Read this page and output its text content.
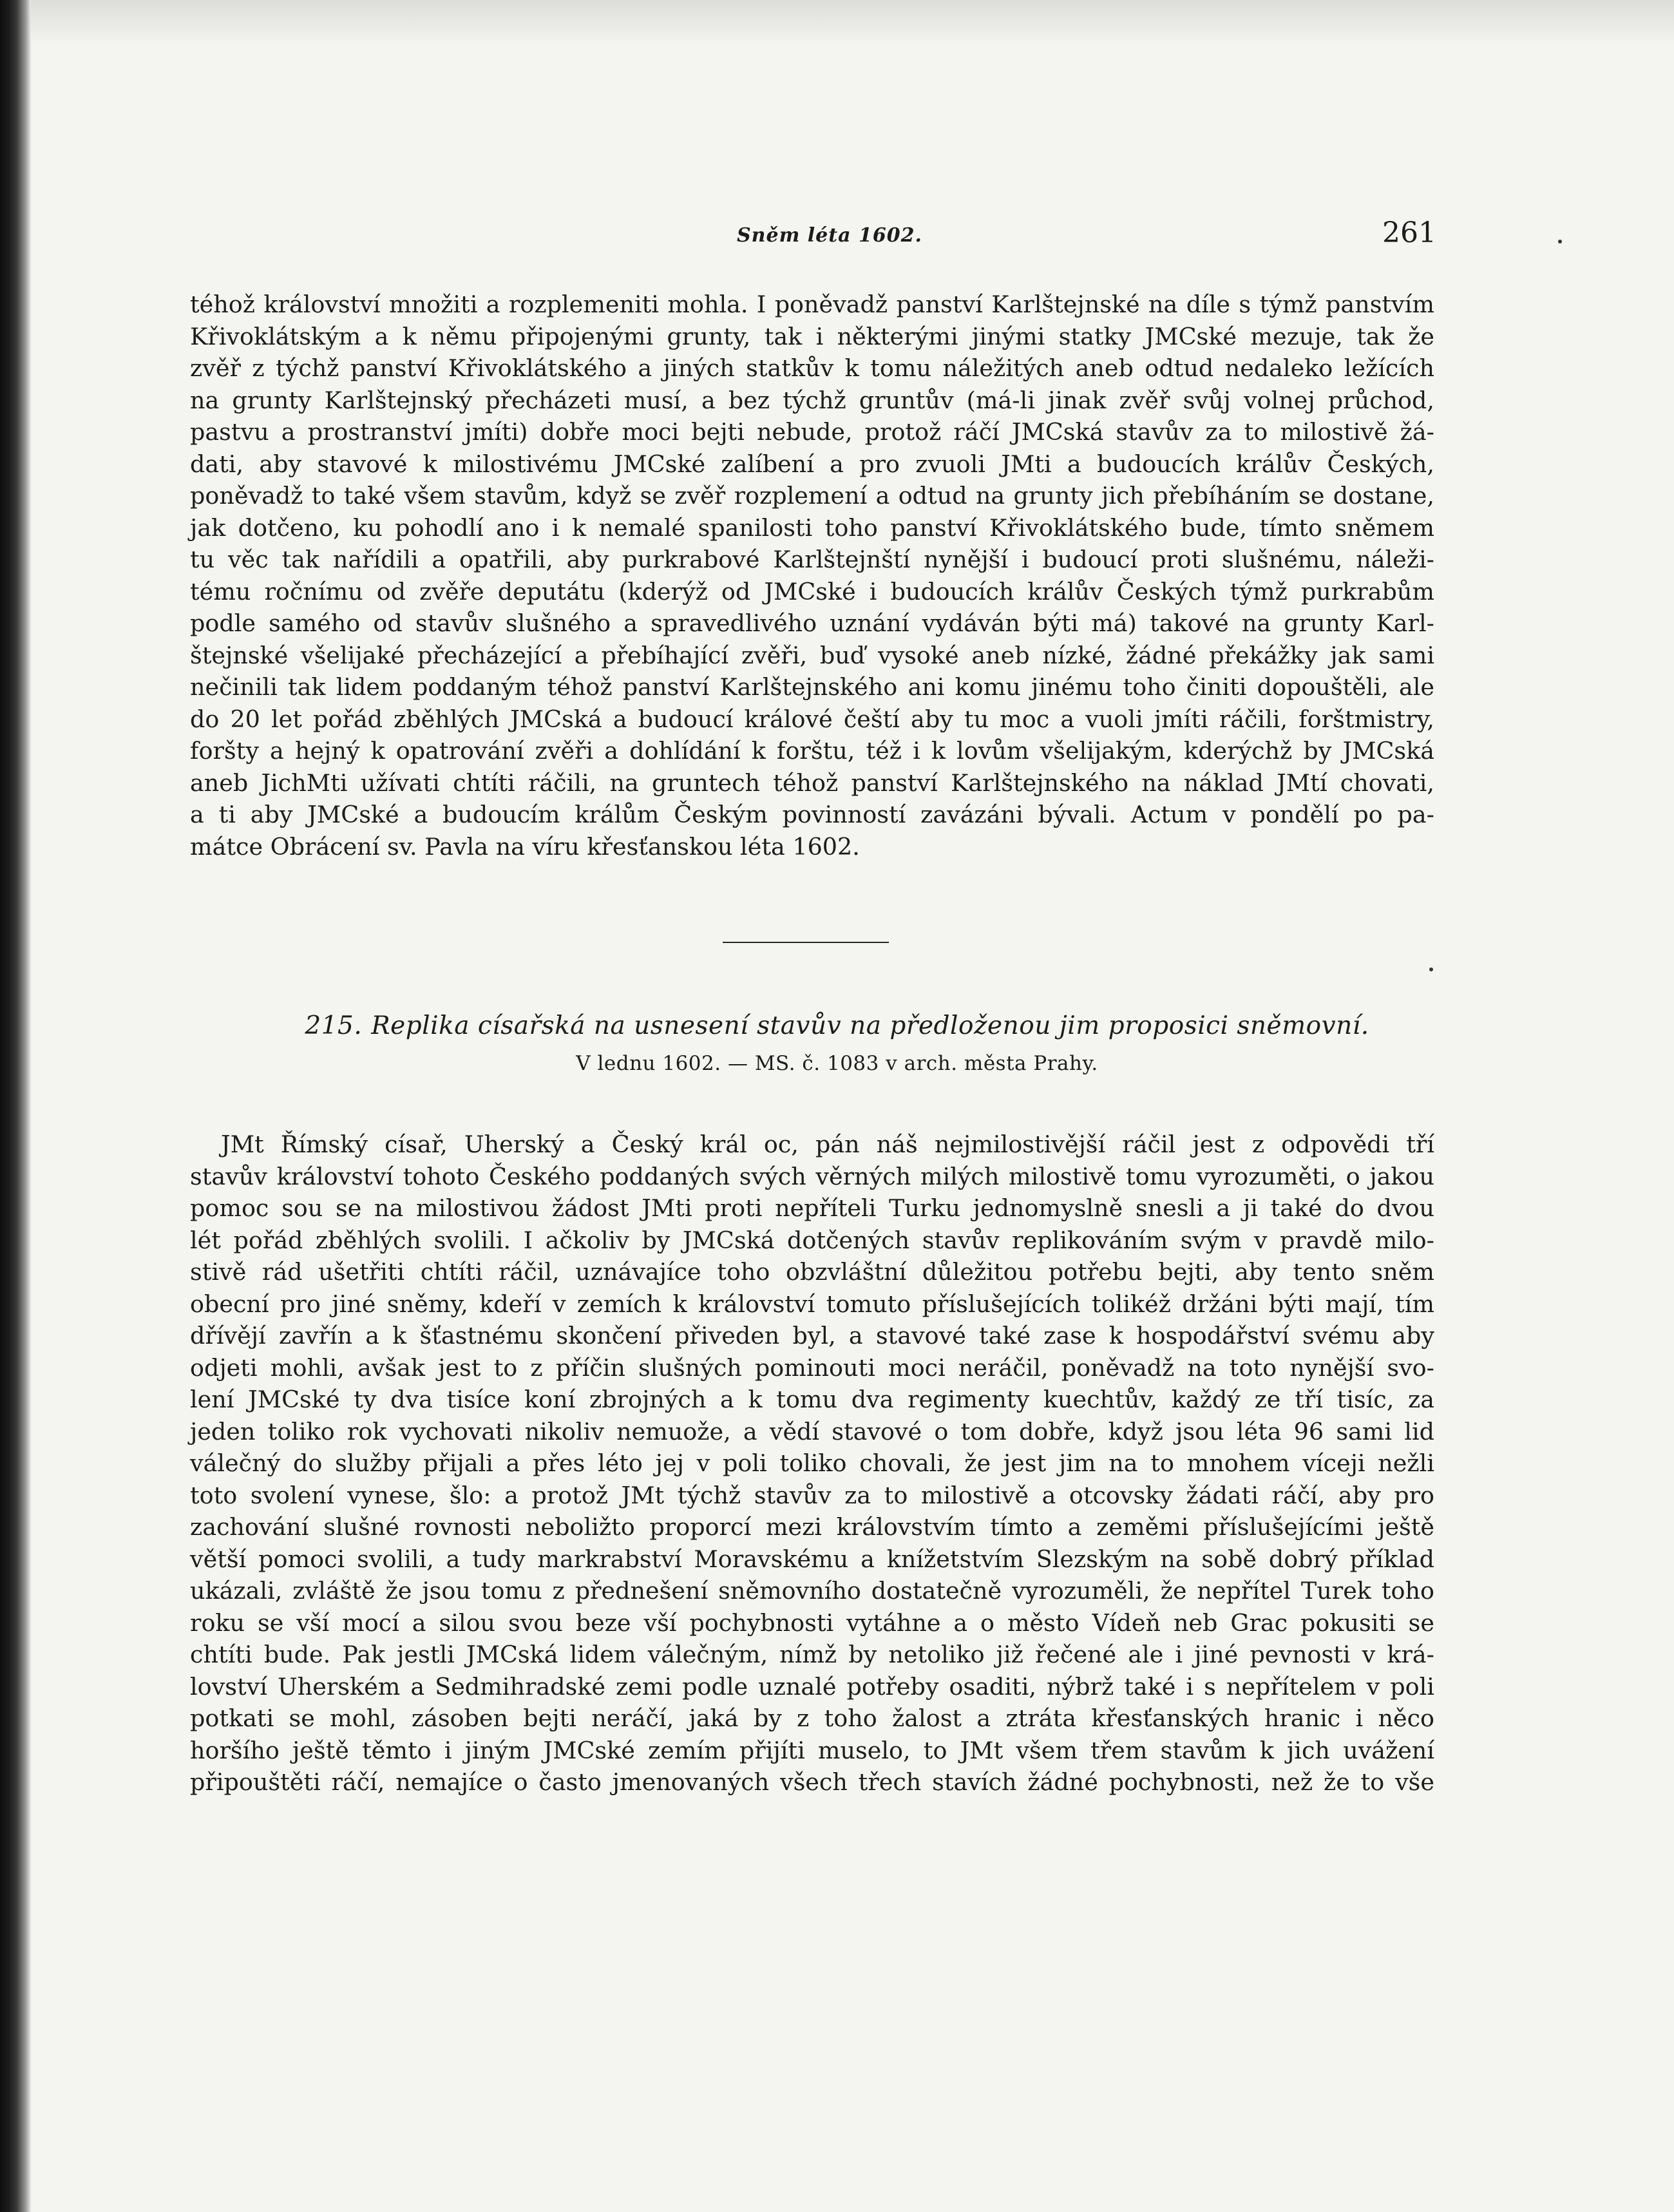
Sněm léta 1602.	261
téhož království množiti a rozplemeniti mohla. I poněvadž panství Karlštejnské na díle s týmž panstvím
Křivoklátským a k němu připojenými grunty, tak i některými jinými statky JMCské mezuje, tak že
zvěř z týchž panství Křivoklátského a jiných statkův k tomu náležitých aneb odtud nedaleko ležících
na grunty Karlštejnský přecházeti musí, a bez týchž gruntův (má-li jinak zvěř svůj volnej průchod,
pastvu a prostranství jmíti) dobře moci bejti nebude, protož ráčí JMCská stavův za to milostivě žá-
dati, aby stavové k milostivému JMCské zalíbení a pro zvuoli JMti a budoucích králův Českých,
poněvadž to také všem stavům, když se zvěř rozplemení a odtud na grunty jich přebíháním se dostane,
jak dotčeno, ku pohodlí ano i k nemalé spanilosti toho panství Křivoklátského bude, tímto sněmem
tu věc tak nařídili a opatřili, aby purkrabové Karlštejnští nynější i budoucí proti slušnému, náleži-
tému ročnímu od zvěře deputátu (kderýž od JMCské i budoucích králův Českých týmž purkrabům
podle samého od stavův slušného a spravedlivého uznání vydáván býti má) takové na grunty Karl-
štejnské všelijaké přecházející a přebíhající zvěři, buď vysoké aneb nízké, žádné překážky jak sami
nečinili tak lidem poddaným téhož panství Karlštejnského ani komu jinému toho činiti dopouštěli, ale
do 20 let pořád zběhlých JMCská a budoucí králové čeští aby tu moc a vuoli jmíti ráčili, forštmistry,
foršty a hejný k opatrování zvěři a dohlídání k forštu, též i k lovům všelijakým, kderýchž by JMCská
aneb JichMti užívati chtíti ráčili, na gruntech téhož panství Karlštejnského na náklad JMtí chovati,
a ti aby JMCské a budoucím králům Českým povinností zavázáni bývali. Actum v pondělí po pa-
mátce Obrácení sv. Pavla na víru křesťanskou léta 1602.

215. Replika císařská na usnesení stavův na předloženou jim proposici sněmovní.

V lednu 1602. — MS. č. 1083 v arch. města Prahy.

JMt Římský císař, Uherský a Český král oc, pán náš nejmilostivější ráčil jest z odpovědi tří
stavův království tohoto Českého poddaných svých věrných milých milostivě tomu vyrozuměti, o jakou
pomoc sou se na milostivou žádost JMti proti nepříteli Turku jednomyslně snesli a ji také do dvou
lét pořád zběhlých svolili. I ačkoliv by JMCská dotčených stavův replikováním svým v pravdě milo-
stivě rád ušetřiti chtíti ráčil, uznávajíce toho obzvláštní důležitou potřebu bejti, aby tento sněm
obecní pro jiné sněmy, kdeří v zemích k království tomuto příslušejících tolikéž držáni býti mají, tím
dřívějí zavřín a k šťastnému skončení přiveden byl, a stavové také zase k hospodářství svému aby
odjeti mohli, avšak jest to z příčin slušných pominouti moci neráčil, poněvadž na toto nynější svo-
lení JMCské ty dva tisíce koní zbrojných a k tomu dva regimenty kuechtův, každý ze tří tisíc, za
jeden toliko rok vychovati nikoliv nemuože, a vědí stavové o tom dobře, když jsou léta 96 sami lid
válečný do služby přijali a přes léto jej v poli toliko chovali, že jest jim na to mnohem víceji nežli
toto svolení vynese, šlo: a protož JMt týchž stavův za to milostivě a otcovsky žádati ráčí, aby pro
zachování slušné rovnosti neboližto proporcí mezi královstvím tímto a zeměmi příslušejícími ještě
větší pomoci svolili, a tudy markrabství Moravskému a knížetstvím Slezským na sobě dobrý příklad
ukázali, zvláště že jsou tomu z přednešení sněmovního dostatečně vyrozuměli, že nepřítel Turek toho
roku se vší mocí a silou svou beze vší pochybnosti vytáhne a o město Vídeň neb Grac pokusiti se
chtíti bude. Pak jestli JMCská lidem válečným, nímž by netoliko již řečené ale i jiné pevnosti v krá-
lovství Uherském a Sedmihradské zemi podle uznalé potřeby osaditi, nýbrž také i s nepřítelem v poli
potkati se mohl, zásoben bejti neráčí, jaká by z toho žalost a ztráta křesťanských hranic i něco
horšího ještě těmto i jiným JMCské zemím přijíti muselo, to JMt všem třem stavům k jich uvážení
připouštěti ráčí, nemajíce o často jmenovaných všech třech stavích žádné pochybnosti, než že to vše
